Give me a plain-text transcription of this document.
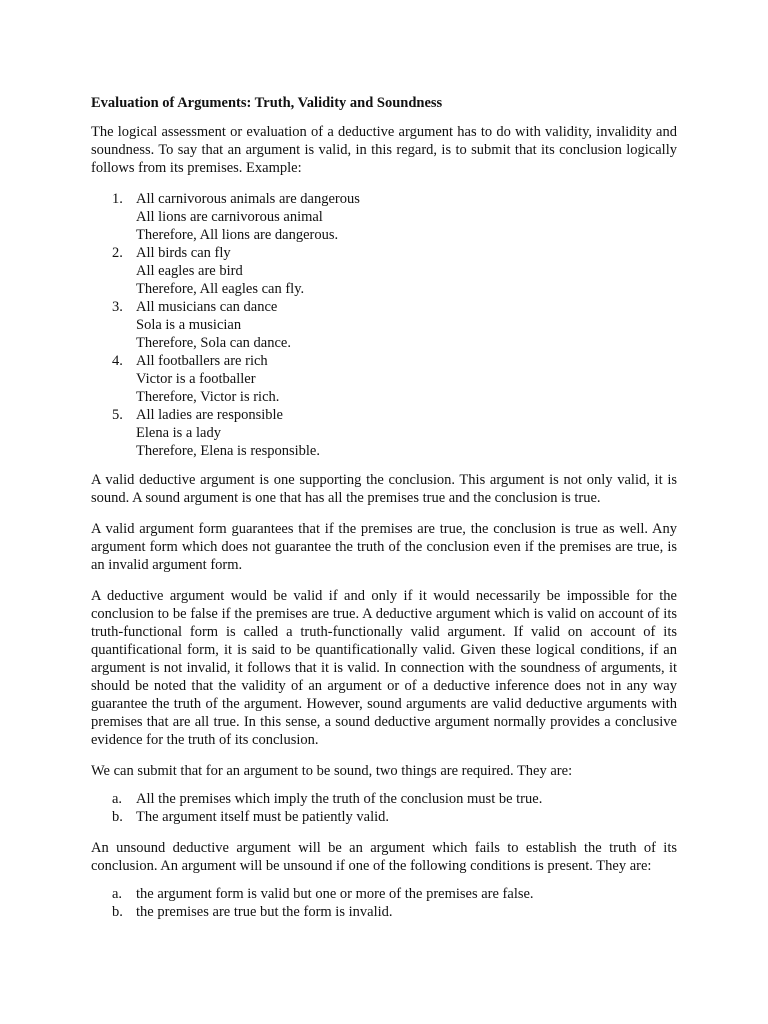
Evaluation of Arguments: Truth, Validity and Soundness

The logical assessment or evaluation of a deductive argument has to do with validity, invalidity and soundness. To say that an argument is valid, in this regard, is to submit that its conclusion logically follows from its premises. Example:

1. All carnivorous animals are dangerous
All lions are carnivorous animal
Therefore, All lions are dangerous.
2. All birds can fly
All eagles are bird
Therefore, All eagles can fly.
3. All musicians can dance
Sola is a musician
Therefore, Sola can dance.
4. All footballers are rich
Victor is a footballer
Therefore, Victor is rich.
5. All ladies are responsible
Elena is a lady
Therefore, Elena is responsible.

A valid deductive argument is one supporting the conclusion. This argument is not only valid, it is sound. A sound argument is one that has all the premises true and the conclusion is true.

A valid argument form guarantees that if the premises are true, the conclusion is true as well. Any argument form which does not guarantee the truth of the conclusion even if the premises are true, is an invalid argument form.

A deductive argument would be valid if and only if it would necessarily be impossible for the conclusion to be false if the premises are true. A deductive argument which is valid on account of its truth-functional form is called a truth-functionally valid argument. If valid on account of its quantificational form, it is said to be quantificationally valid. Given these logical conditions, if an argument is not invalid, it follows that it is valid. In connection with the soundness of arguments, it should be noted that the validity of an argument or of a deductive inference does not in any way guarantee the truth of the argument. However, sound arguments are valid deductive arguments with premises that are all true. In this sense, a sound deductive argument normally provides a conclusive evidence for the truth of its conclusion.

We can submit that for an argument to be sound, two things are required. They are:

a. All the premises which imply the truth of the conclusion must be true.
b. The argument itself must be patiently valid.

An unsound deductive argument will be an argument which fails to establish the truth of its conclusion. An argument will be unsound if one of the following conditions is present. They are:

a. the argument form is valid but one or more of the premises are false.
b. the premises are true but the form is invalid.
